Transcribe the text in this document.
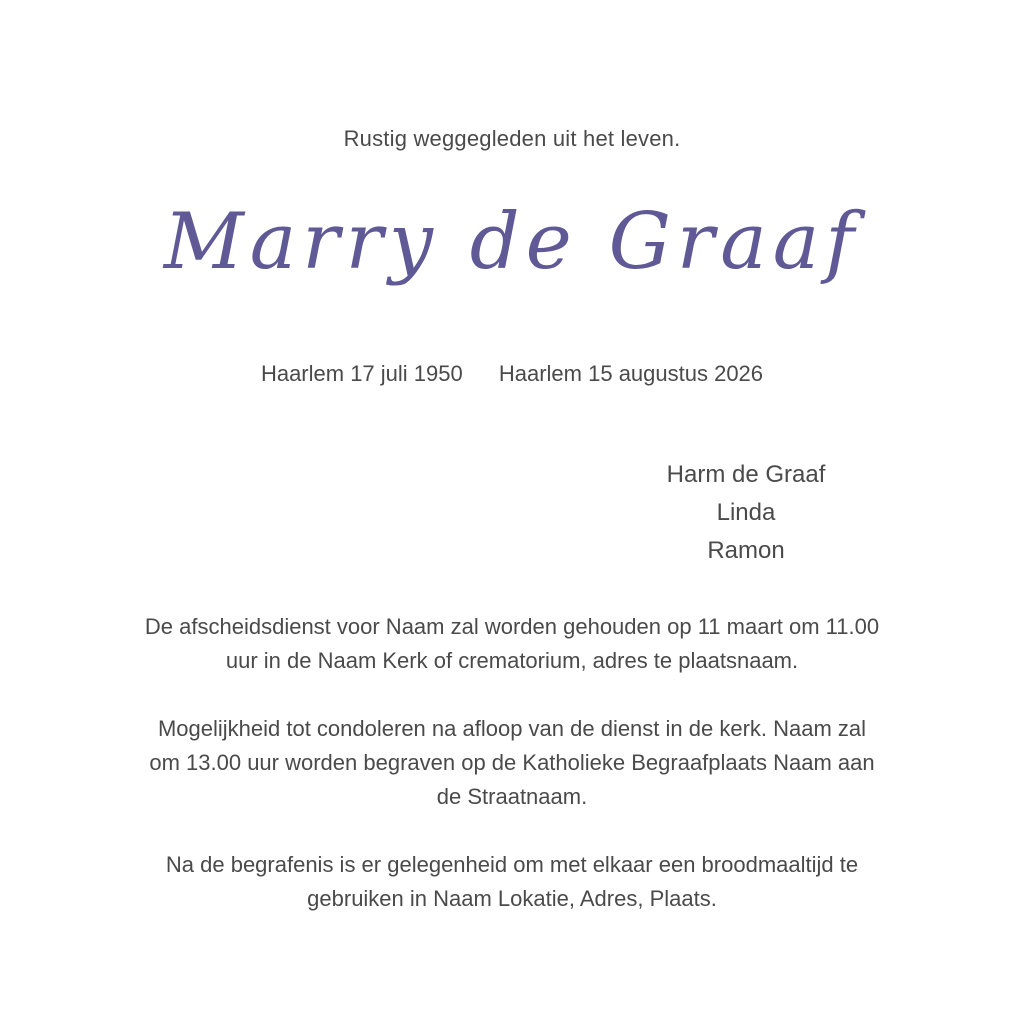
Rustig weggegleden uit het leven.
Marry de Graaf
Haarlem 17 juli 1950 Haarlem 15 augustus 2026
Harm de Graaf
Linda
Ramon

De afscheidsdienst voor Naam zal worden gehouden op 11 maart om 11.00 uur in de Naam Kerk of crematorium, adres te plaatsnaam.

Mogelijkheid tot condoleren na afloop van de dienst in de kerk. Naam zal om 13.00 uur worden begraven op de Katholieke Begraafplaats Naam aan de Straatnaam.

Na de begrafenis is er gelegenheid om met elkaar een broodmaaltijd te gebruiken in Naam Lokatie, Adres, Plaats.
